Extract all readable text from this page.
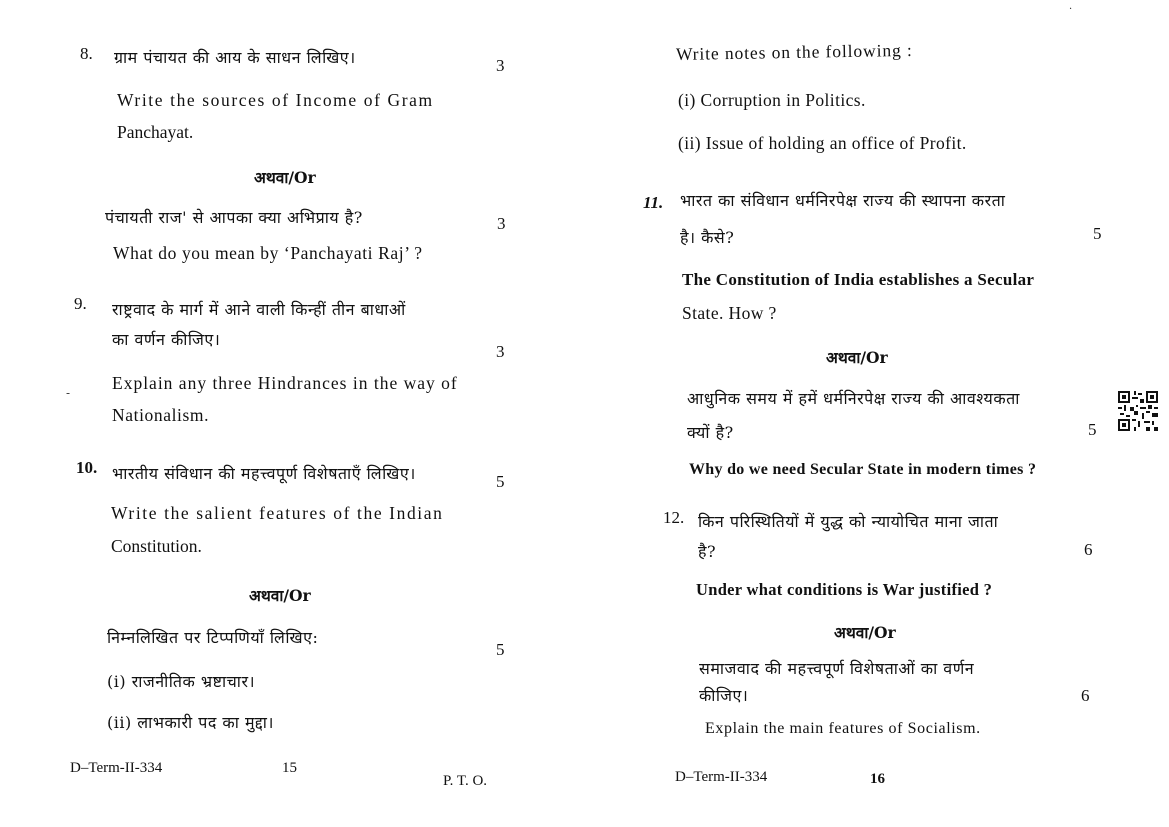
8. ग्राम पंचायत की आय के साधन लिखिए।	3
Write the sources of Income of Gram
Panchayat.
अथवा/Or
पंचायती राज' से आपका क्या अभिप्राय है?	3
What do you mean by ‘Panchayati Raj’ ?
9. राष्ट्रवाद के मार्ग में आने वाली किन्हीं तीन बाधाओं
का वर्णन कीजिए।
3
Explain any three Hindrances in the way of
Nationalism.
10. भारतीय संविधान की महत्त्वपूर्ण विशेषताएँ लिखिए।	5
Write the salient features of the Indian
Constitution.
अथवा/Or
निम्नलिखित पर टिप्पणियाँ लिखिए:
5
(i) राजनीतिक भ्रष्टाचार।
(ii) लाभकारी पद का मुद्दा।
D–Term-II-334	15
P. T. O.
-
Write notes on the following :
(i) Corruption in Politics.
(ii) Issue of holding an office of Profit.
11. भारत का संविधान धर्मनिरपेक्ष राज्य की स्थापना करता
है। कैसे?	5
The Constitution of India establishes a Secular
State. How ?
अथवा/Or
आधुनिक समय में हमें धर्मनिरपेक्ष राज्य की आवश्यकता
क्यों है?	5
Why do we need Secular State in modern times ?
12. किन परिस्थितियों में युद्ध को न्यायोचित माना जाता
है?	6
Under what conditions is War justified ?
अथवा/Or
समाजवाद की महत्त्वपूर्ण विशेषताओं का वर्णन
कीजिए।	6
Explain the main features of Socialism.
D–Term-II-334	16
·
